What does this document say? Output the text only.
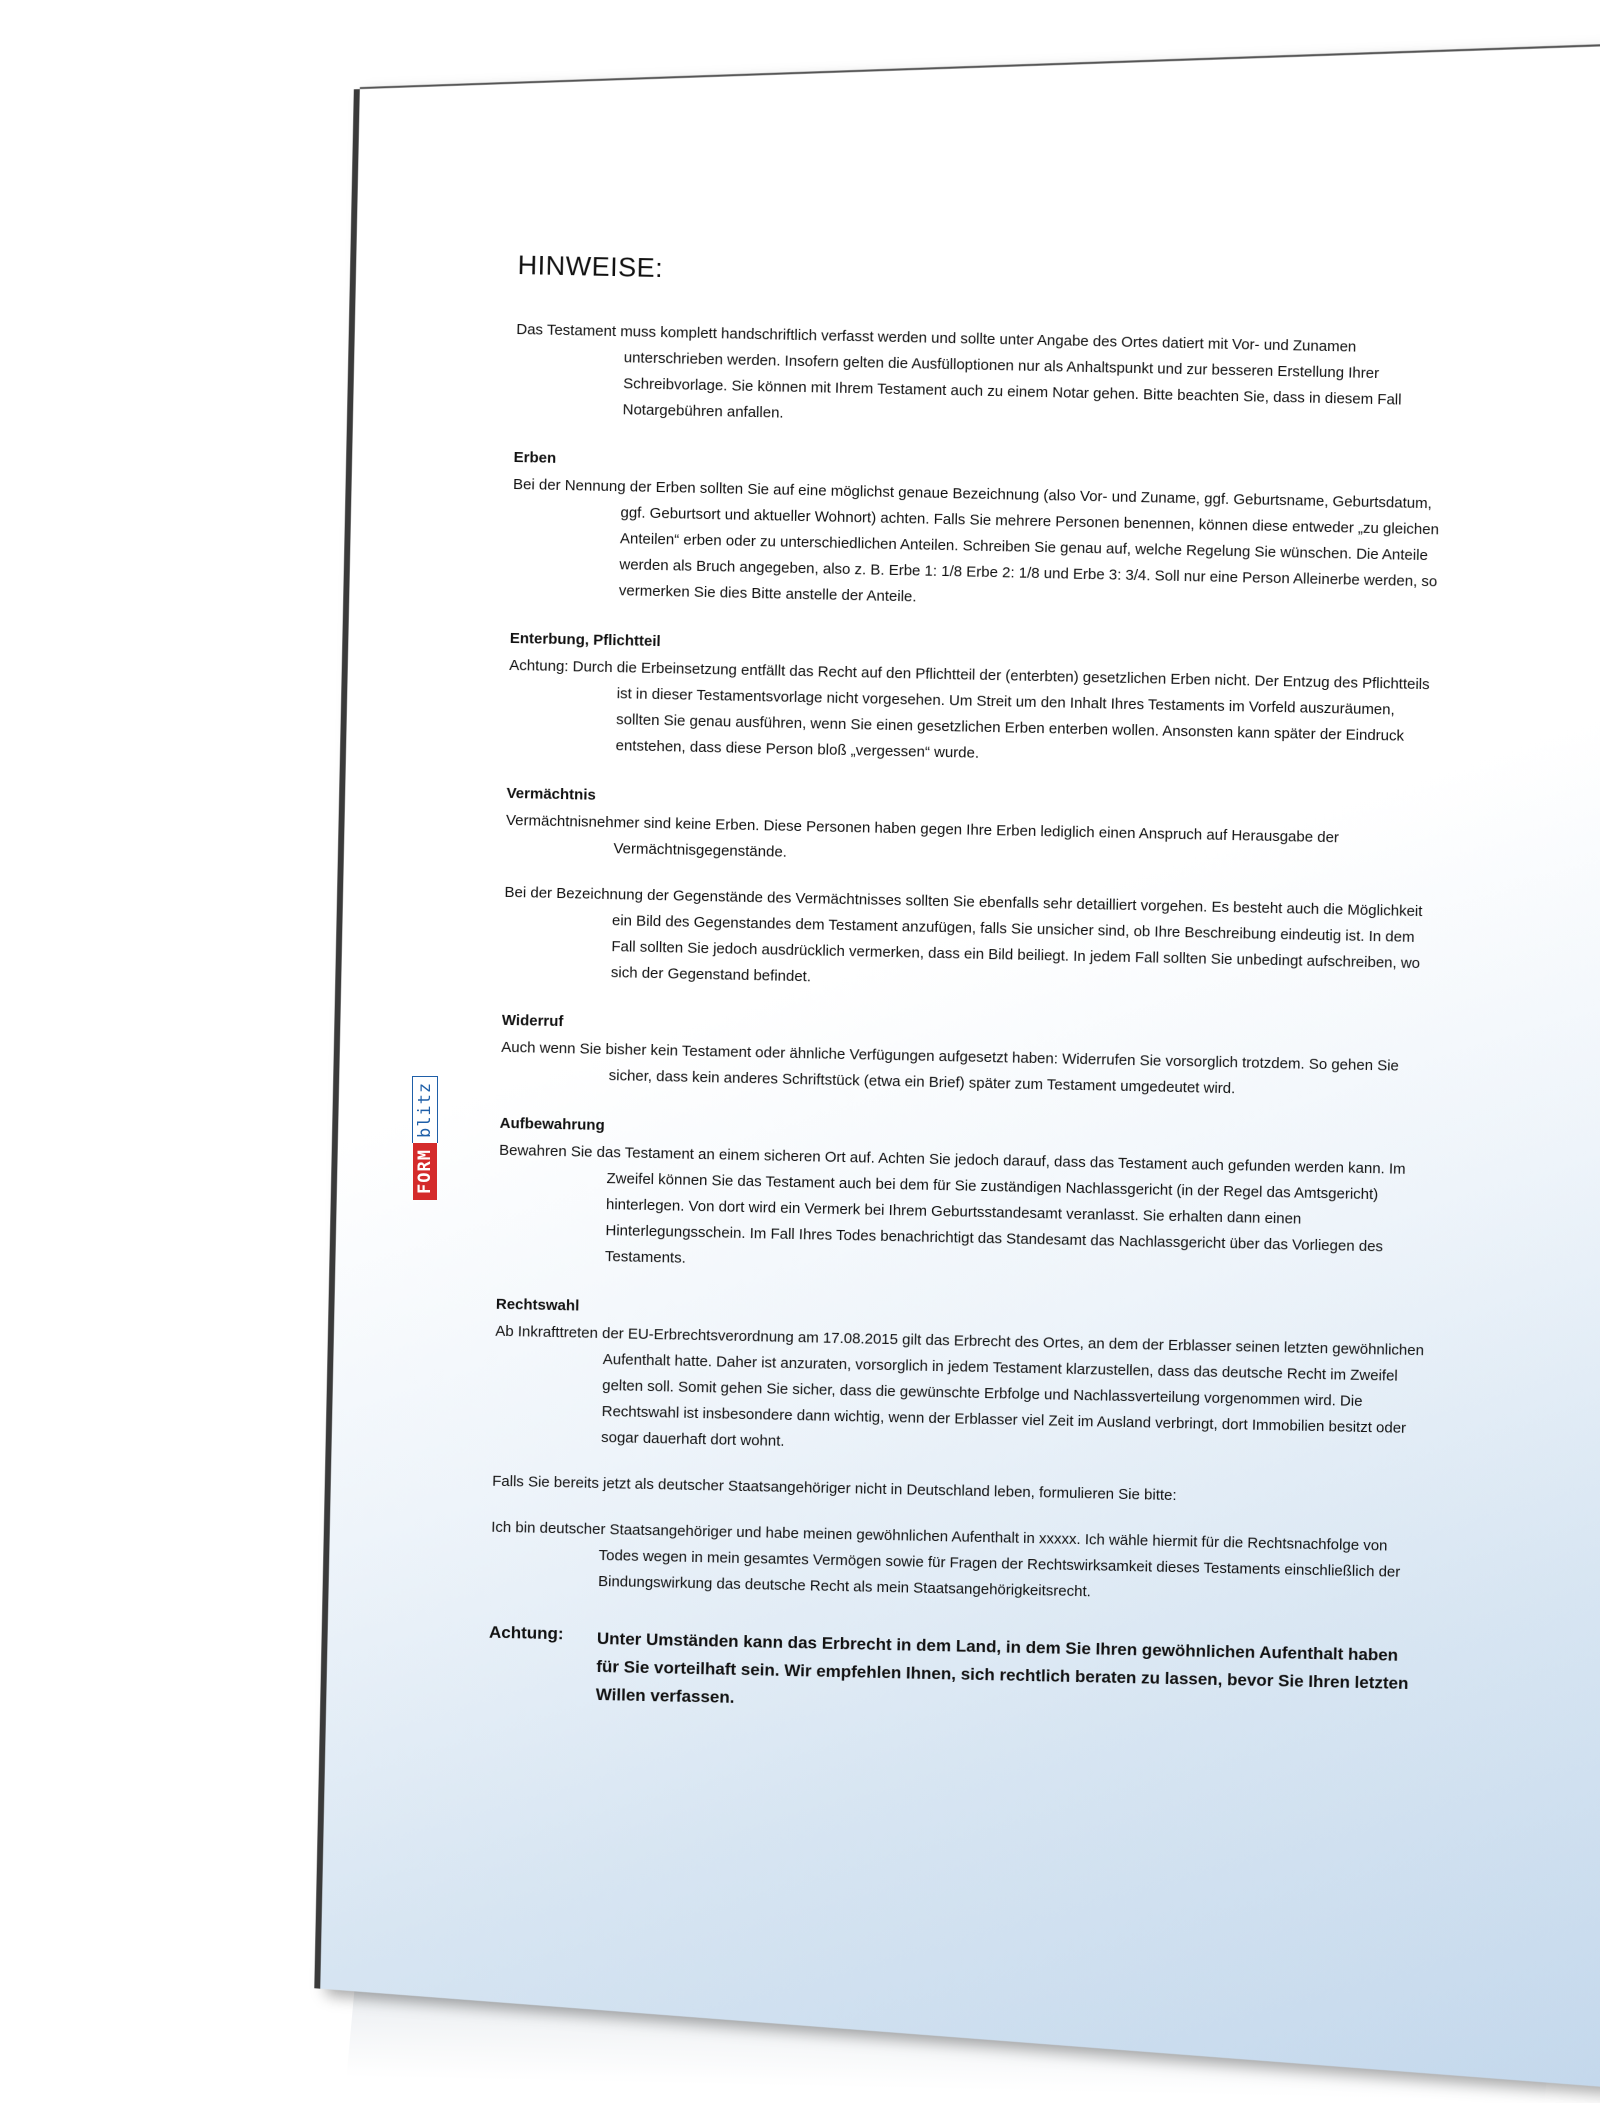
FORM
blitz
HINWEISE:

Das Testament muss komplett handschriftlich verfasst werden und sollte unter Angabe des Ortes datiert mit Vor- und Zunamen unterschrieben werden. Insofern gelten die Ausfülloptionen nur als Anhaltspunkt und zur besseren Erstellung Ihrer Schreibvorlage. Sie können mit Ihrem Testament auch zu einem Notar gehen. Bitte beachten Sie, dass in diesem Fall Notargebühren anfallen.

Erben

Bei der Nennung der Erben sollten Sie auf eine möglichst genaue Bezeichnung (also Vor- und Zuname, ggf. Geburtsname, Geburtsdatum, ggf. Geburtsort und aktueller Wohnort) achten. Falls Sie mehrere Personen benennen, können diese entweder „zu gleichen Anteilen“ erben oder zu unterschiedlichen Anteilen. Schreiben Sie genau auf, welche Regelung Sie wünschen. Die Anteile werden als Bruch angegeben, also z. B. Erbe 1: 1/8 Erbe 2: 1/8 und Erbe 3: 3/4. Soll nur eine Person Alleinerbe werden, so vermerken Sie dies Bitte anstelle der Anteile.

Enterbung, Pflichtteil

Achtung: Durch die Erbeinsetzung entfällt das Recht auf den Pflichtteil der (enterbten) gesetzlichen Erben nicht. Der Entzug des Pflichtteils ist in dieser Testamentsvorlage nicht vorgesehen. Um Streit um den Inhalt Ihres Testaments im Vorfeld auszuräumen, sollten Sie genau ausführen, wenn Sie einen gesetzlichen Erben enterben wollen. Ansonsten kann später der Eindruck entstehen, dass diese Person bloß „vergessen“ wurde.

Vermächtnis

Vermächtnisnehmer sind keine Erben. Diese Personen haben gegen Ihre Erben lediglich einen Anspruch auf Herausgabe der Vermächtnisgegenstände.

Bei der Bezeichnung der Gegenstände des Vermächtnisses sollten Sie ebenfalls sehr detailliert vorgehen. Es besteht auch die Möglichkeit ein Bild des Gegenstandes dem Testament anzufügen, falls Sie unsicher sind, ob Ihre Beschreibung eindeutig ist. In dem Fall sollten Sie jedoch ausdrücklich vermerken, dass ein Bild beiliegt. In jedem Fall sollten Sie unbedingt aufschreiben, wo sich der Gegenstand befindet.

Widerruf

Auch wenn Sie bisher kein Testament oder ähnliche Verfügungen aufgesetzt haben: Widerrufen Sie vorsorglich trotzdem. So gehen Sie sicher, dass kein anderes Schriftstück (etwa ein Brief) später zum Testament umgedeutet wird.

Aufbewahrung

Bewahren Sie das Testament an einem sicheren Ort auf. Achten Sie jedoch darauf, dass das Testament auch gefunden werden kann. Im Zweifel können Sie das Testament auch bei dem für Sie zuständigen Nachlassgericht (in der Regel das Amtsgericht) hinterlegen. Von dort wird ein Vermerk bei Ihrem Geburtsstandesamt veranlasst. Sie erhalten dann einen Hinterlegungsschein. Im Fall Ihres Todes benachrichtigt das Standesamt das Nachlassgericht über das Vorliegen des Testaments.

Rechtswahl

Ab Inkrafttreten der EU-Erbrechtsverordnung am 17.08.2015 gilt das Erbrecht des Ortes, an dem der Erblasser seinen letzten gewöhnlichen Aufenthalt hatte. Daher ist anzuraten, vorsorglich in jedem Testament klarzustellen, dass das deutsche Recht im Zweifel gelten soll. Somit gehen Sie sicher, dass die gewünschte Erbfolge und Nachlassverteilung vorgenommen wird. Die Rechtswahl ist insbesondere dann wichtig, wenn der Erblasser viel Zeit im Ausland verbringt, dort Immobilien besitzt oder sogar dauerhaft dort wohnt.

Falls Sie bereits jetzt als deutscher Staatsangehöriger nicht in Deutschland leben, formulieren Sie bitte:

Ich bin deutscher Staatsangehöriger und habe meinen gewöhnlichen Aufenthalt in xxxxx. Ich wähle hiermit für die Rechtsnachfolge von Todes wegen in mein gesamtes Vermögen sowie für Fragen der Rechtswirksamkeit dieses Testaments einschließlich der Bindungswirkung das deutsche Recht als mein Staatsangehörigkeitsrecht.

Achtung:	Unter Umständen kann das Erbrecht in dem Land, in dem Sie Ihren gewöhnlichen Aufenthalt haben für Sie vorteilhaft sein. Wir empfehlen Ihnen, sich rechtlich beraten zu lassen, bevor Sie Ihren letzten Willen verfassen.
